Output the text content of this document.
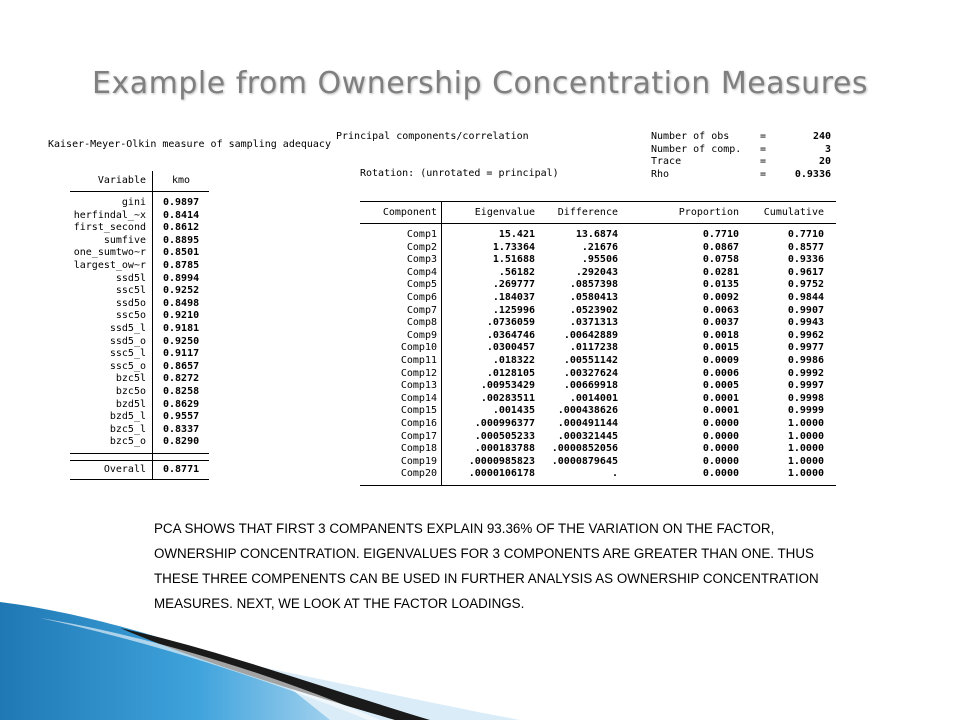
Example from Ownership Concentration Measures
Kaiser-Meyer-Olkin measure of sampling adequacy
Variable	kmo
gini	0.9897
herfindal_~x	0.8414
first_second	0.8612
sumfive	0.8895
one_sumtwo~r	0.8501
largest_ow~r	0.8785
ssd5l	0.8994
ssc5l	0.9252
ssd5o	0.8498
ssc5o	0.9210
ssd5_l	0.9181
ssd5_o	0.9250
ssc5_l	0.9117
ssc5_o	0.8657
bzc5l	0.8272
bzc5o	0.8258
bzd5l	0.8629
bzd5_l	0.9557
bzc5_l	0.8337
bzc5_o	0.8290

Overall	0.8771
Principal components/correlation
Rotation: (unrotated = principal)
Number of obs	=	240
Number of comp. =	3
Trace	=	20
Rho	=	0.9336
Component	Eigenvalue	Difference	Proportion	Cumulative
Comp1	15.421	13.6874	0.7710	0.7710
Comp2	1.73364	.21676	0.0867	0.8577
Comp3	1.51688	.95506	0.0758	0.9336
Comp4	.56182	.292043	0.0281	0.9617
Comp5	.269777	.0857398	0.0135	0.9752
Comp6	.184037	.0580413	0.0092	0.9844
Comp7	.125996	.0523902	0.0063	0.9907
Comp8	.0736059	.0371313	0.0037	0.9943
Comp9	.0364746	.00642889	0.0018	0.9962
Comp10	.0300457	.0117238	0.0015	0.9977
Comp11	.018322	.00551142	0.0009	0.9986
Comp12	.0128105	.00327624	0.0006	0.9992
Comp13	.00953429	.00669918	0.0005	0.9997
Comp14	.00283511	.0014001	0.0001	0.9998
Comp15	.001435	.000438626	0.0001	0.9999
Comp16	.000996377	.000491144	0.0000	1.0000
Comp17	.000505233	.000321445	0.0000	1.0000
Comp18	.000183788	.0000852056	0.0000	1.0000
Comp19	.0000985823	.0000879645	0.0000	1.0000
Comp20	.0000106178	.	0.0000	1.0000
PCA SHOWS THAT FIRST 3 COMPANENTS EXPLAIN 93.36% OF THE VARIATION ON THE FACTOR, OWNERSHIP CONCENTRATION. EIGENVALUES FOR 3 COMPONENTS ARE GREATER THAN ONE. THUS THESE THREE COMPENENTS CAN BE USED IN FURTHER ANALYSIS AS OWNERSHIP CONCENTRATION MEASURES. NEXT, WE LOOK AT THE FACTOR LOADINGS.
